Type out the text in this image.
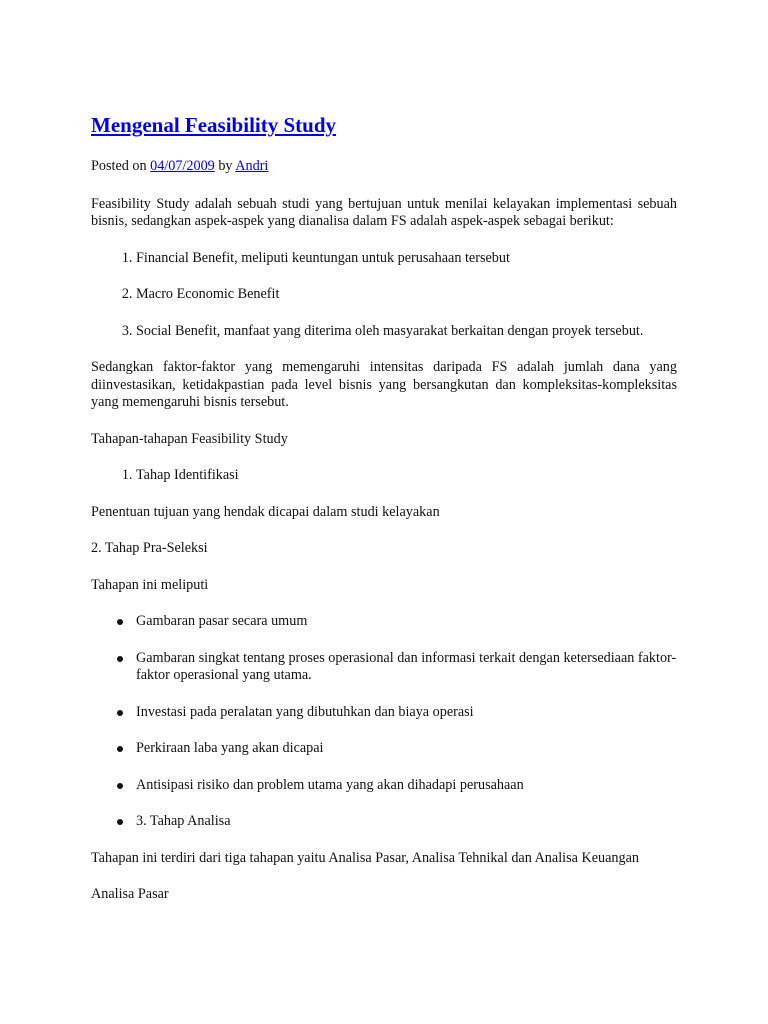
Mengenal Feasibility Study
Posted on 04/07/2009 by Andri

Feasibility Study adalah sebuah studi yang bertujuan untuk menilai kelayakan implementasi sebuah bisnis, sedangkan aspek-aspek yang dianalisa dalam FS adalah aspek-aspek sebagai berikut:

1. Financial Benefit, meliputi keuntungan untuk perusahaan tersebut
2. Macro Economic Benefit
3. Social Benefit, manfaat yang diterima oleh masyarakat berkaitan dengan proyek tersebut.

Sedangkan faktor-faktor yang memengaruhi intensitas daripada FS adalah jumlah dana yang diinvestasikan, ketidakpastian pada level bisnis yang bersangkutan dan kompleksitas-kompleksitas yang memengaruhi bisnis tersebut.

Tahapan-tahapan Feasibility Study

1. Tahap Identifikasi

Penentuan tujuan yang hendak dicapai dalam studi kelayakan

2. Tahap Pra-Seleksi

Tahapan ini meliputi

Gambaran pasar secara umum
Gambaran singkat tentang proses operasional dan informasi terkait dengan ketersediaan faktor-faktor operasional yang utama.
Investasi pada peralatan yang dibutuhkan dan biaya operasi
Perkiraan laba yang akan dicapai
Antisipasi risiko dan problem utama yang akan dihadapi perusahaan
3. Tahap Analisa

Tahapan ini terdiri dari tiga tahapan yaitu Analisa Pasar, Analisa Tehnikal dan Analisa Keuangan

Analisa Pasar
